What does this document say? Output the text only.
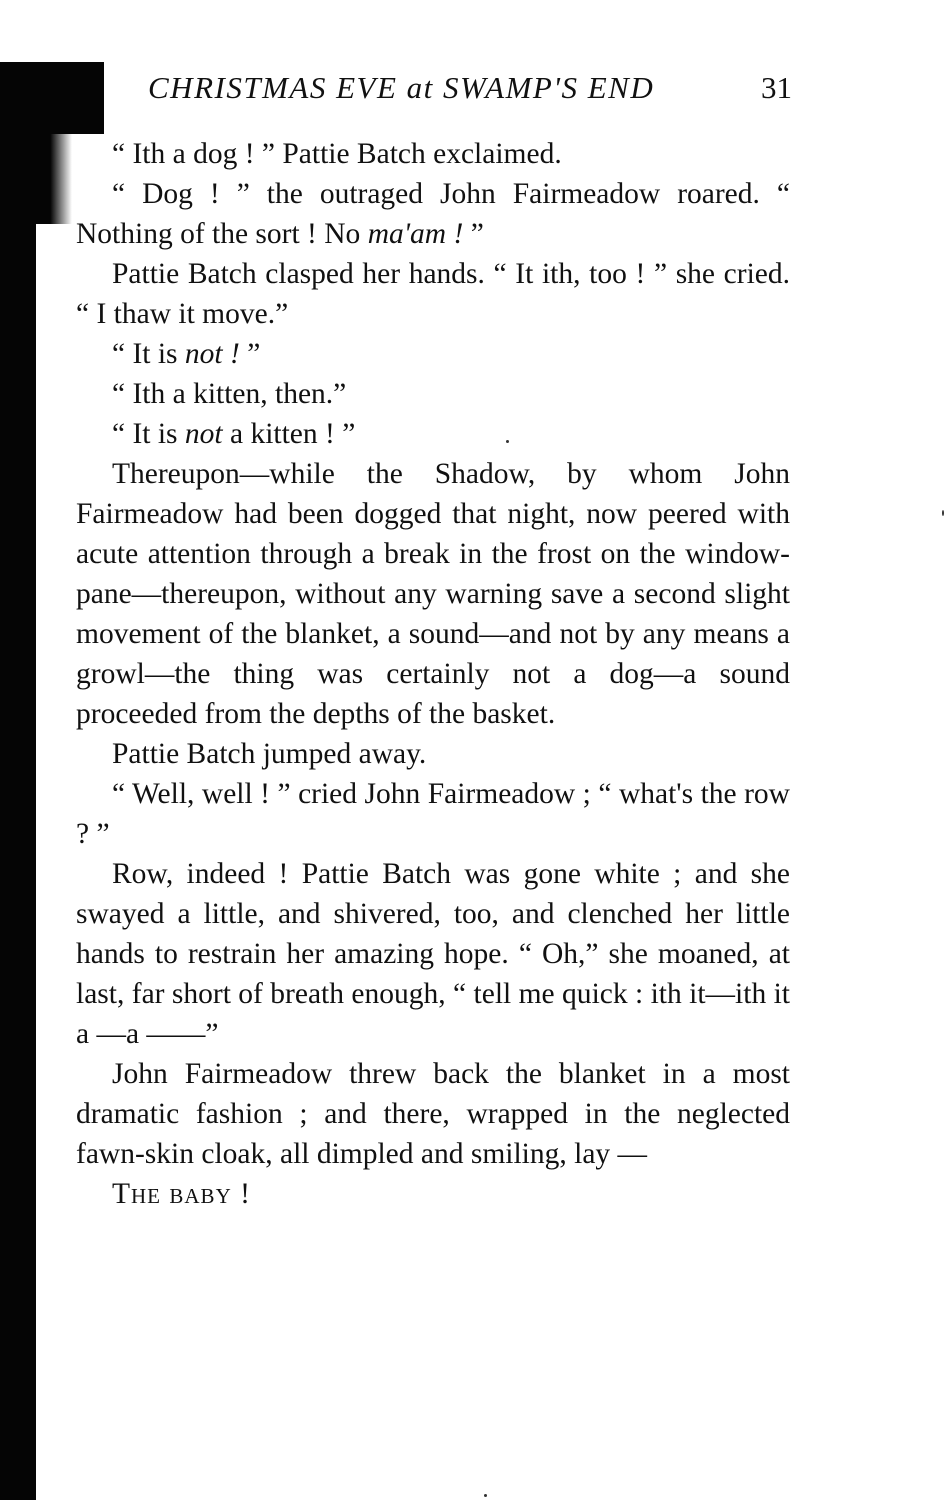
CHRISTMAS EVE at SWAMP'S END	31

“ Ith a dog ! ” Pattie Batch exclaimed.

“ Dog ! ” the outraged John Fairmeadow roared. “ Nothing of the sort ! No ma'am ! ”

Pattie Batch clasped her hands. “ It ith, too ! ” she cried. “ I thaw it move.”

“ It is not ! ”

“ Ith a kitten, then.”

“ It is not a kitten ! ”

Thereupon—while the Shadow, by whom John Fairmeadow had been dogged that night, now peered with acute attention through a break in the frost on the window-pane—thereupon, without any warning save a second slight movement of the blanket, a sound—and not by any means a growl—the thing was certainly not a dog—a sound proceeded from the depths of the basket.

Pattie Batch jumped away.

“ Well, well ! ” cried John Fairmeadow ; “ what's the row ? ”

Row, indeed ! Pattie Batch was gone white ; and she swayed a little, and shivered, too, and clenched her little hands to restrain her amazing hope. “ Oh,” she moaned, at last, far short of breath enough, “ tell me quick : ith it—ith it a —a ——”

John Fairmeadow threw back the blanket in a most dramatic fashion ; and there, wrapped in the neglected fawn-skin cloak, all dimpled and smiling, lay —

The baby !
